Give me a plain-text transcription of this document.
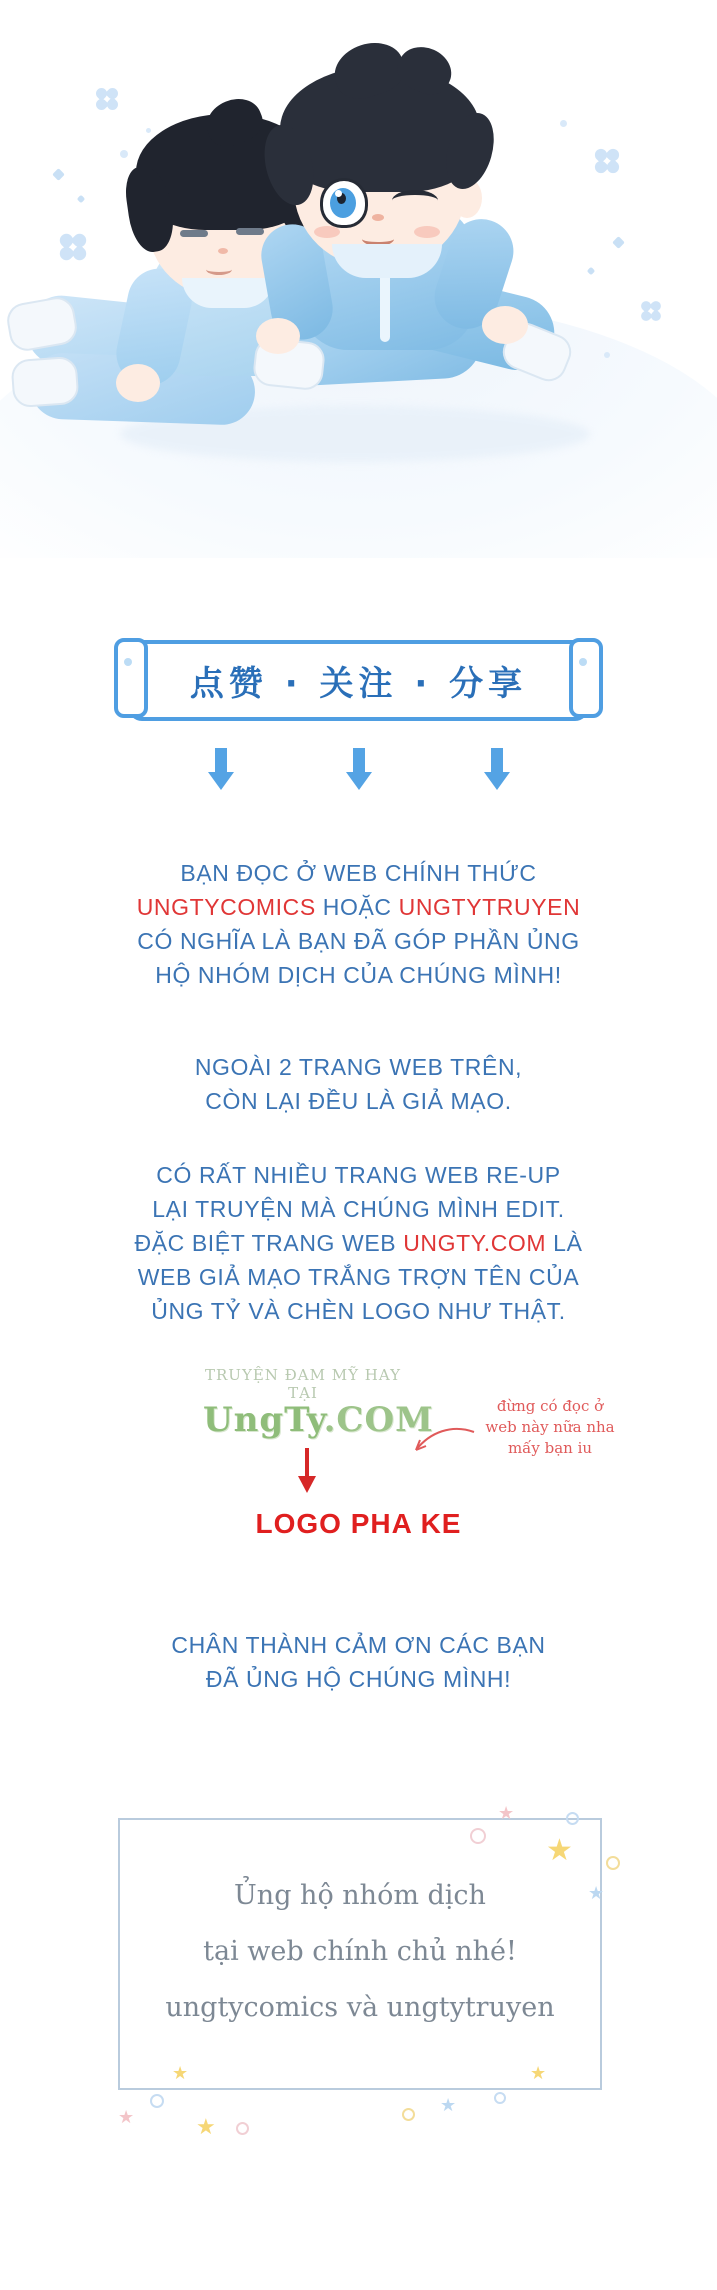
点赞 · 关注 · 分享
BẠN ĐỌC Ở WEB CHÍNH THỨC
UNGTYCOMICS HOẶC UNGTYTRUYEN
CÓ NGHĨA LÀ BẠN ĐÃ GÓP PHẦN ỦNG
HỘ NHÓM DỊCH CỦA CHÚNG MÌNH!
NGOÀI 2 TRANG WEB TRÊN,
CÒN LẠI ĐỀU LÀ GIẢ MẠO.
CÓ RẤT NHIỀU TRANG WEB RE-UP
LẠI TRUYỆN MÀ CHÚNG MÌNH EDIT.
ĐẶC BIỆT TRANG WEB UNGTY.COM LÀ
WEB GIẢ MẠO TRẮNG TRỢN TÊN CỦA
ỦNG TỶ VÀ CHÈN LOGO NHƯ THẬT.
TRUYỆN ĐAM MỸ HAY TẠI
UngTy.COM	đừng có đọc ở
web này nữa nha
mấy bạn iu
LOGO PHA KE
CHÂN THÀNH CẢM ƠN CÁC BẠN
ĐÃ ỦNG HỘ CHÚNG MÌNH!
Ủng hộ nhóm dịch
tại web chính chủ nhé!
ungtycomics và ungtytruyen
★
★
★
★
★
★
★
★
